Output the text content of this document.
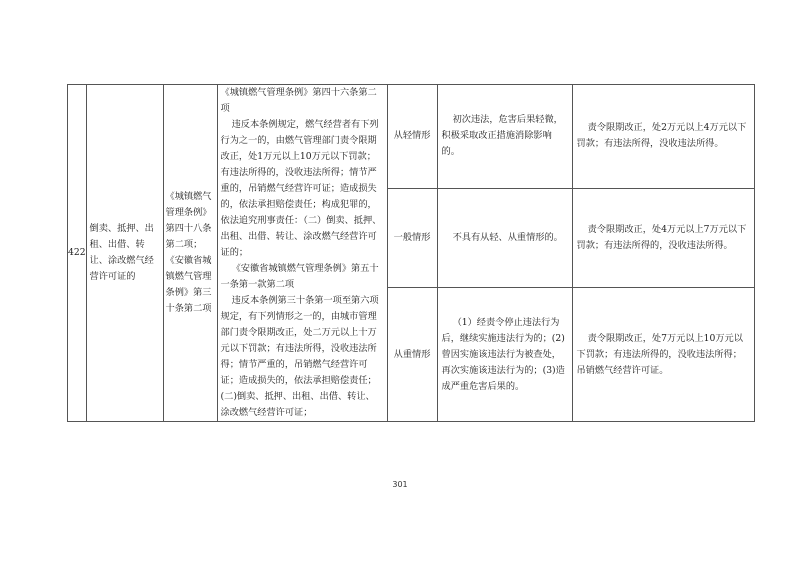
422	倒卖、抵押、出租、出借、转让、涂改燃气经营许可证的	《城镇燃气管理条例》第四十八条第二项；《安徽省城镇燃气管理条例》第三十条第二项	《城镇燃气管理条例》第四十六条第二项

违反本条例规定，燃气经营者有下列行为之一的，由燃气管理部门责令限期改正，处1万元以上10万元以下罚款；有违法所得的，没收违法所得；情节严重的，吊销燃气经营许可证；造成损失的，依法承担赔偿责任；构成犯罪的，依法追究刑事责任：（二）倒卖、抵押、出租、出借、转让、涂改燃气经营许可证的；

《安徽省城镇燃气管理条例》第五十一条第一款第二项

违反本条例第三十条第一项至第六项规定，有下列情形之一的，由城市管理部门责令限期改正，处二万元以上十万元以下罚款；有违法所得，没收违法所得；情节严重的，吊销燃气经营许可证；造成损失的，依法承担赔偿责任；(二)倒卖、抵押、出租、出借、转让、涂改燃气经营许可证；	从轻情形	初次违法，危害后果轻微，积极采取改正措施消除影响的。	责令限期改正，处2万元以上4万元以下罚款；有违法所得，没收违法所得。
				一般情形	不具有从轻、从重情形的。	责令限期改正，处4万元以上7万元以下罚款；有违法所得的，没收违法所得。
				从重情形	（1）经责令停止违法行为后，继续实施违法行为的；(2)曾因实施该违法行为被查处，再次实施该违法行为的；(3)造成严重危害后果的。	责令限期改正，处7万元以上10万元以下罚款；有违法所得的，没收违法所得；吊销燃气经营许可证。
301
